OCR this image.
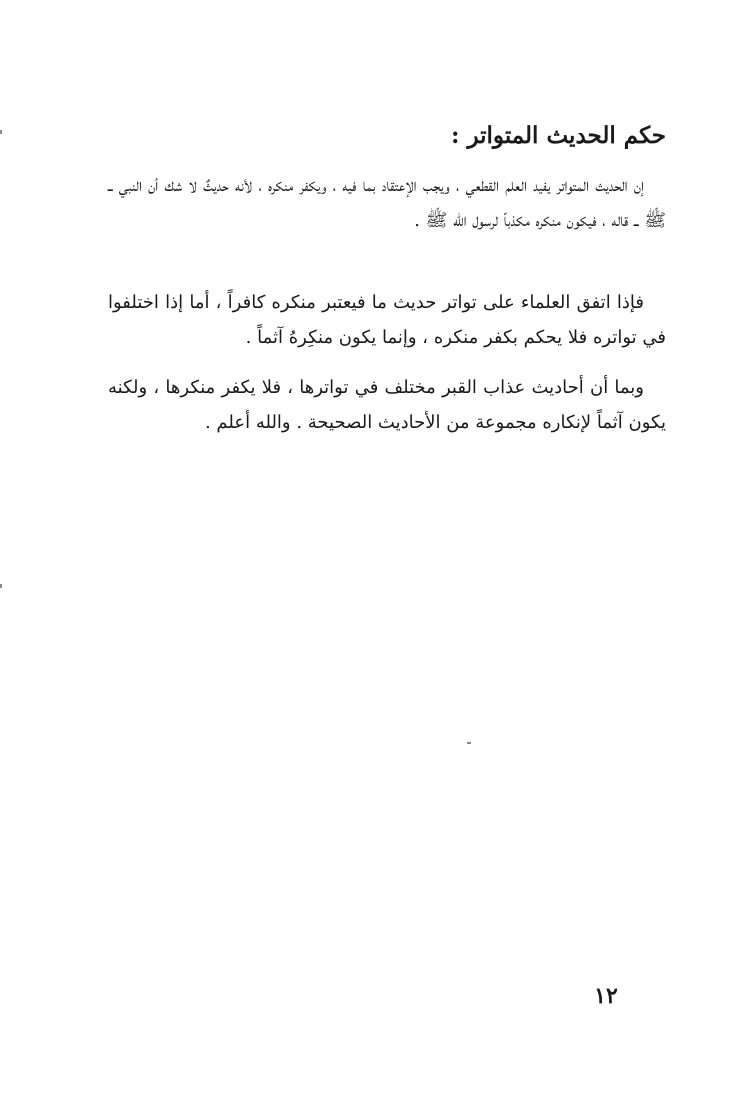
حكم الحديث المتواتر :

إن الحديث المتواتر يفيد العلم القطعي ، ويجب الإعتقاد بما فيه ، ويكفر منكره ، لأنه حديثٌ لا شك أن النبي ــ ﷺ ــ قاله ، فيكون منكره مكذباً لرسول الله ﷺ .

فإذا اتفق العلماء على تواتر حديث ما فيعتبر منكره كافراً ، أما إذا اختلفوا في تواتره فلا يحكم بكفر منكره ، وإنما يكون منكِرهُ آثماً .

وبما أن أحاديث عذاب القبر مختلف في تواترها ، فلا يكفر منكرها ، ولكنه يكون آثماً لإنكاره مجموعة من الأحاديث الصحيحة . والله أعلم .

١٢
